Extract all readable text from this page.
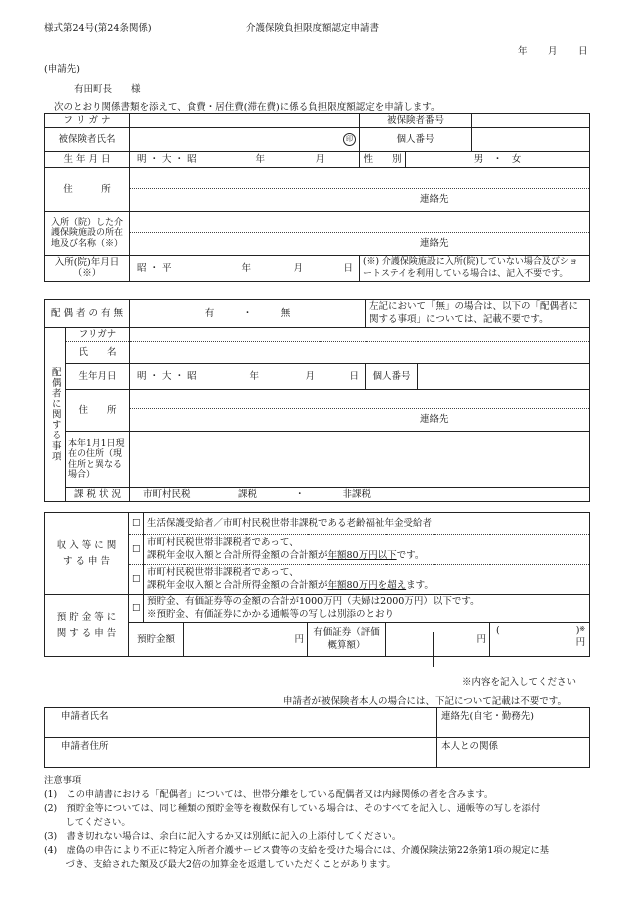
様式第24号(第24条関係)	介護保険負担限度額認定申請書
年 月 日
(申請先)
有田町長　　様
次のとおり関係書類を添えて、食費・居住費(滞在費)に係る負担限度額認定を申請します。
フ リ ガ ナ		被保険者番号		

被保険者氏名	印	個人番号		

生 年 月 日	明 ・ 大 ・ 昭 年 月	性　　別	男　・　女	
住　　　所	連絡先			

入所（院）した介護保険施設の所在地及び名称（※）	連絡先			

入所(院)年月日（※）	昭 ・ 平 年 月 日	(※) 介護保険施設に入所(院)していない場合及びショートステイを利用している場合は、記入不要です。		
配 偶 者 の 有 無		有　　　・　　　無	左記において「無」の場合は、以下の「配偶者に関する事項」については、記載不要です。	

配偶者に関する事項	フリガナ			
	氏　　名			
	生年月日	明 ・ 大 ・ 昭 年 月 日	個人番号	

	住　　所	連絡先		

	本年1月1日現在の住所（現住所と異なる場合）			
	課 税 状 況	市町村民税　　　　　課税　　　　・　　　　非課税		
収 入 等 に 関 す る 申 告	☐	生活保護受給者／市町村民税世帯非課税である老齢福祉年金受給者				
	☐	市町村民税世帯非課税者であって、
課税年金収入額と合計所得金額の合計額が年額80万円以下です。				

	☐	市町村民税世帯非課税者であって、
課税年金収入額と合計所得金額の合計額が年額80万円を超えます。				

預 貯 金 等 に 関 す る 申 告	☐	預貯金、有価証券等の金額の合計が1000万円（夫婦は2000万円）以下です。
※預貯金、有価証券にかかる通帳等の写しは別添のとおり				

	預貯金額		円	有価証券（評価概算額）	円	(　　　　　　　　) ※
円
※内容を記入してください
申請者が被保険者本人の場合には、下記について記載は不要です。
申請者氏名	連絡先(自宅・勤務先)
申請者住所	本人との関係
注意事項
(1)　この申請書における「配偶者」については、世帯分離をしている配偶者又は内縁関係の者を含みます。
(2)　預貯金等については、同じ種類の預貯金等を複数保有している場合は、そのすべてを記入し、通帳等の写しを添付
　　 してください。
(3)　書き切れない場合は、余白に記入するか又は別紙に記入の上添付してください。
(4)　虚偽の申告により不正に特定入所者介護サービス費等の支給を受けた場合には、介護保険法第22条第1項の規定に基
　　 づき、支給された額及び最大2倍の加算金を返還していただくことがあります。
